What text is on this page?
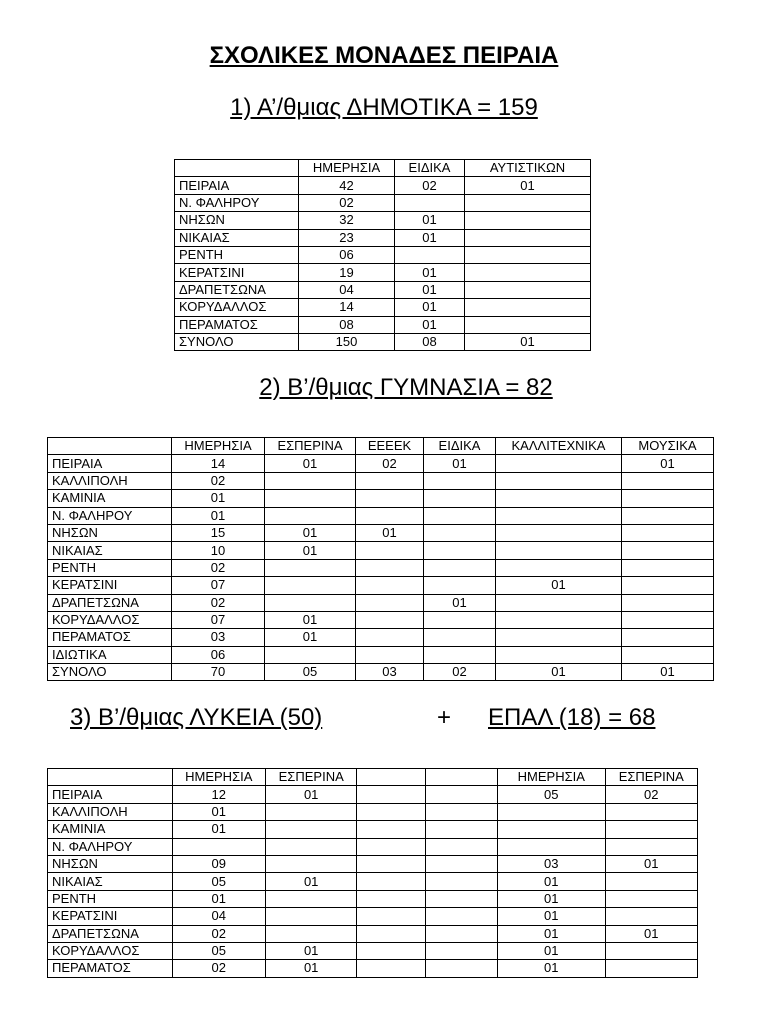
ΣΧΟΛΙΚΕΣ ΜΟΝΑΔΕΣ ΠΕΙΡΑΙΑ
1) Α’/θμιας ΔΗΜΟΤΙΚΑ = 159
	ΗΜΕΡΗΣΙΑ	ΕΙΔΙΚΑ	ΑΥΤΙΣΤΙΚΩΝ
ΠΕΙΡΑΙΑ	42	02	01
Ν. ΦΑΛΗΡΟΥ	02		
ΝΗΣΩΝ	32	01	
ΝΙΚΑΙΑΣ	23	01	
ΡΕΝΤΗ	06		
ΚΕΡΑΤΣΙΝΙ	19	01	
ΔΡΑΠΕΤΣΩΝΑ	04	01	
ΚΟΡΥΔΑΛΛΟΣ	14	01	
ΠΕΡΑΜΑΤΟΣ	08	01	
ΣΥΝΟΛΟ	150	08	01
2) Β’/θμιας ΓΥΜΝΑΣΙΑ = 82
	ΗΜΕΡΗΣΙΑ	ΕΣΠΕΡΙΝΑ	ΕΕΕΕΚ	ΕΙΔΙΚΑ	ΚΑΛΛΙΤΕΧΝΙΚΑ	ΜΟΥΣΙΚΑ
ΠΕΙΡΑΙΑ	14	01	02	01		01
ΚΑΛΛΙΠΟΛΗ	02					
ΚΑΜΙΝΙΑ	01					
Ν. ΦΑΛΗΡΟΥ	01					
ΝΗΣΩΝ	15	01	01			
ΝΙΚΑΙΑΣ	10	01				
ΡΕΝΤΗ	02					
ΚΕΡΑΤΣΙΝΙ	07				01	
ΔΡΑΠΕΤΣΩΝΑ	02			01		
ΚΟΡΥΔΑΛΛΟΣ	07	01				
ΠΕΡΑΜΑΤΟΣ	03	01				
ΙΔΙΩΤΙΚΑ	06					
ΣΥΝΟΛΟ	70	05	03	02	01	01
3) Β’/θμιας ΛΥΚΕΙΑ (50)	+ ΕΠΑΛ (18) = 68
	ΗΜΕΡΗΣΙΑ	ΕΣΠΕΡΙΝΑ			ΗΜΕΡΗΣΙΑ	ΕΣΠΕΡΙΝΑ
ΠΕΙΡΑΙΑ	12	01			05	02
ΚΑΛΛΙΠΟΛΗ	01					
ΚΑΜΙΝΙΑ	01					
Ν. ΦΑΛΗΡΟΥ						
ΝΗΣΩΝ	09				03	01
ΝΙΚΑΙΑΣ	05	01			01	
ΡΕΝΤΗ	01				01	
ΚΕΡΑΤΣΙΝΙ	04				01	
ΔΡΑΠΕΤΣΩΝΑ	02				01	01
ΚΟΡΥΔΑΛΛΟΣ	05	01			01	
ΠΕΡΑΜΑΤΟΣ	02	01			01	
